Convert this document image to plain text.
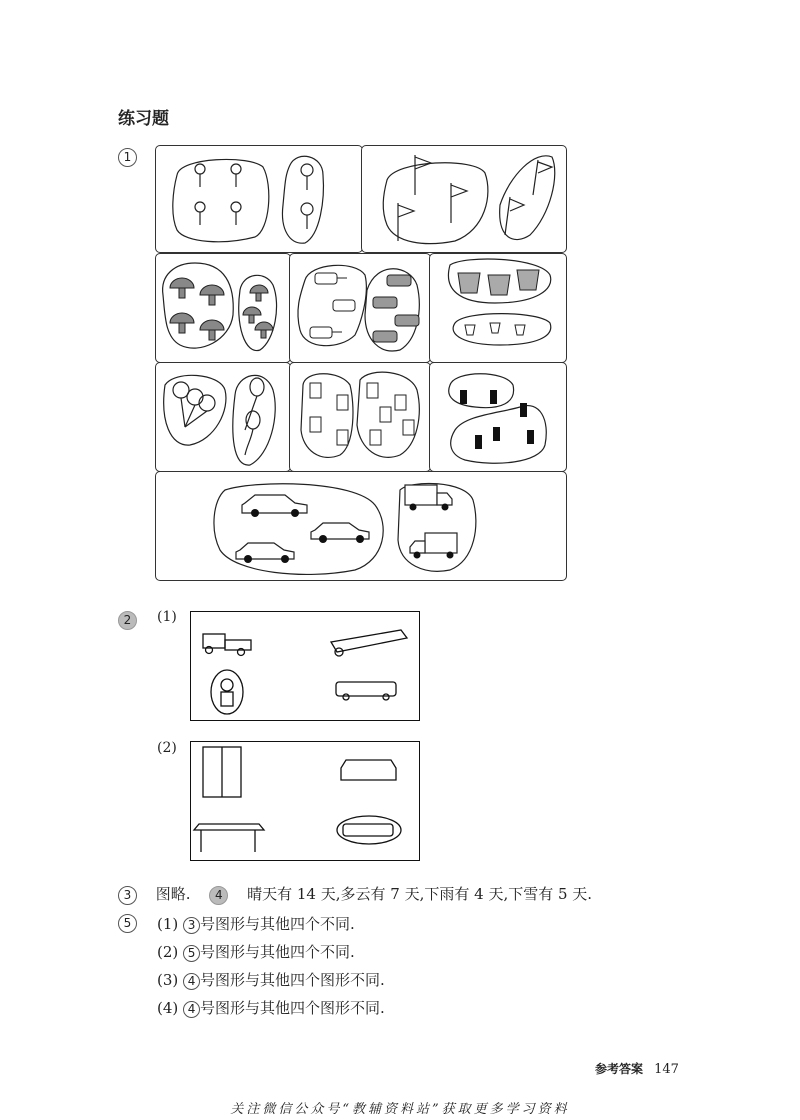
练习题
1
2	(1)
(2)
3 图略. 4 晴天有 14 天,多云有 7 天,下雨有 4 天,下雪有 5 天.
5	(1) 3 号图形与其他四个不同.
(2) 5 号图形与其他四个不同.
(3) 4 号图形与其他四个图形不同.
(4) 4 号图形与其他四个图形不同.
参考答案 147
关注微信公众号“教辅资料站”获取更多学习资料
